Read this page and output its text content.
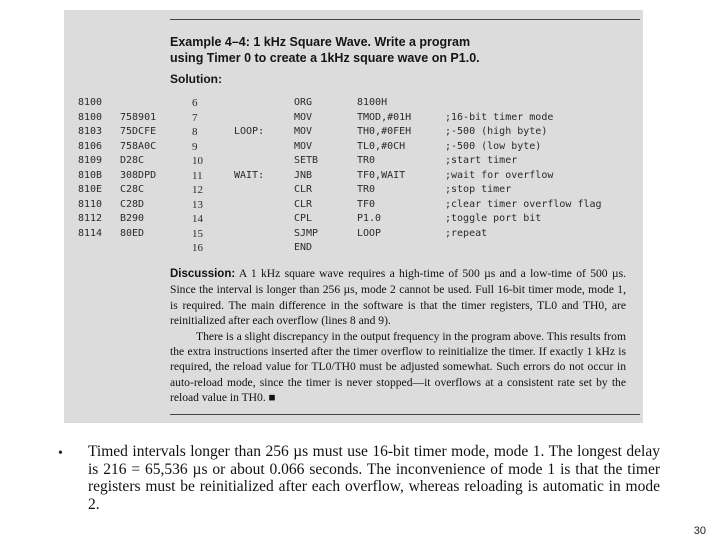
Example 4–4: 1 kHz Square Wave. Write a program
using Timer 0 to create a 1kHz square wave on P1.0.
Solution:
8100	6	ORG	8100H
8100 758901	7	MOV	TMOD,#01H	;16-bit timer mode
8103 75DCFE	8	LOOP:	MOV	TH0,#0FEH	;-500 (high byte)
8106 758A0C	9	MOV	TL0,#0CH	;-500 (low byte)
8109 D28C	10	SETB	TR0	;start timer
810B 308DPD	11	WAIT:	JNB	TF0,WAIT	;wait for overflow
810E C28C	12	CLR	TR0	;stop timer
8110 C28D	13	CLR	TF0	;clear timer overflow flag
8112 B290	14	CPL	P1.0	;toggle port bit
8114 80ED	15	SJMP	LOOP	;repeat
16	END

Discussion: A 1 kHz square wave requires a high-time of 500 µs and a low-time of 500 µs. Since the interval is longer than 256 µs, mode 2 cannot be used. Full 16-bit timer mode, mode 1, is required. The main difference in the software is that the timer registers, TL0 and TH0, are reinitialized after each overflow (lines 8 and 9).

There is a slight discrepancy in the output frequency in the program above. This results from the extra instructions inserted after the timer overflow to reinitialize the timer. If exactly 1 kHz is required, the reload value for TL0/TH0 must be adjusted somewhat. Such errors do not occur in auto-reload mode, since the timer is never stopped—it overflows at a consistent rate set by the reload value in TH0. ■

• Timed intervals longer than 256 µs must use 16-bit timer mode, mode 1. The longest delay is 216 = 65,536 µs or about 0.066 seconds. The inconvenience of mode 1 is that the timer registers must be reinitialized after each overflow, whereas reloading is automatic in mode 2.
30
